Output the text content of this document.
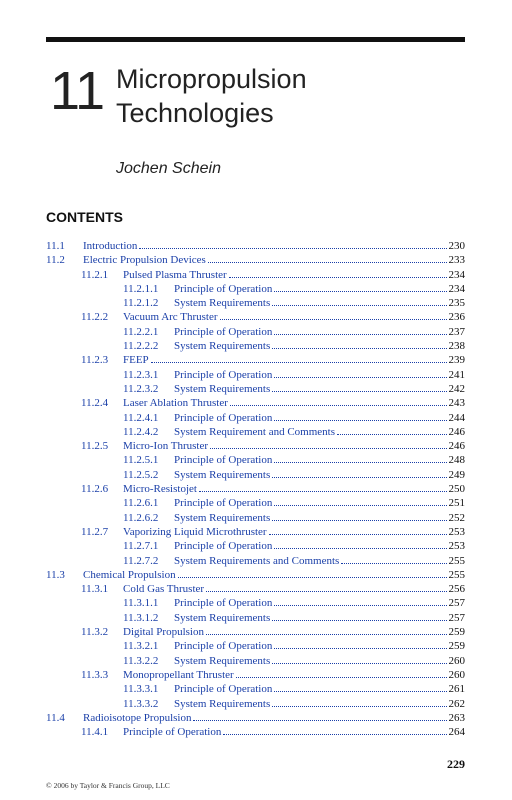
11 Micropropulsion
Technologies
Jochen Schein
CONTENTS
11.1	Introduction	230
11.2	Electric Propulsion Devices	233
11.2.1	Pulsed Plasma Thruster	234
11.2.1.1	Principle of Operation	234
11.2.1.2	System Requirements	235
11.2.2	Vacuum Arc Thruster	236
11.2.2.1	Principle of Operation	237
11.2.2.2	System Requirements	238
11.2.3	FEEP	239
11.2.3.1	Principle of Operation	241
11.2.3.2	System Requirements	242
11.2.4	Laser Ablation Thruster	243
11.2.4.1	Principle of Operation	244
11.2.4.2	System Requirement and Comments	246
11.2.5	Micro-Ion Thruster	246
11.2.5.1	Principle of Operation	248
11.2.5.2	System Requirements	249
11.2.6	Micro-Resistojet	250
11.2.6.1	Principle of Operation	251
11.2.6.2	System Requirements	252
11.2.7	Vaporizing Liquid Microthruster	253
11.2.7.1	Principle of Operation	253
11.2.7.2	System Requirements and Comments	255
11.3	Chemical Propulsion	255
11.3.1	Cold Gas Thruster	256
11.3.1.1	Principle of Operation	257
11.3.1.2	System Requirements	257
11.3.2	Digital Propulsion	259
11.3.2.1	Principle of Operation	259
11.3.2.2	System Requirements	260
11.3.3	Monopropellant Thruster	260
11.3.3.1	Principle of Operation	261
11.3.3.2	System Requirements	262
11.4	Radioisotope Propulsion	263
11.4.1	Principle of Operation	264
229
© 2006 by Taylor & Francis Group, LLC
